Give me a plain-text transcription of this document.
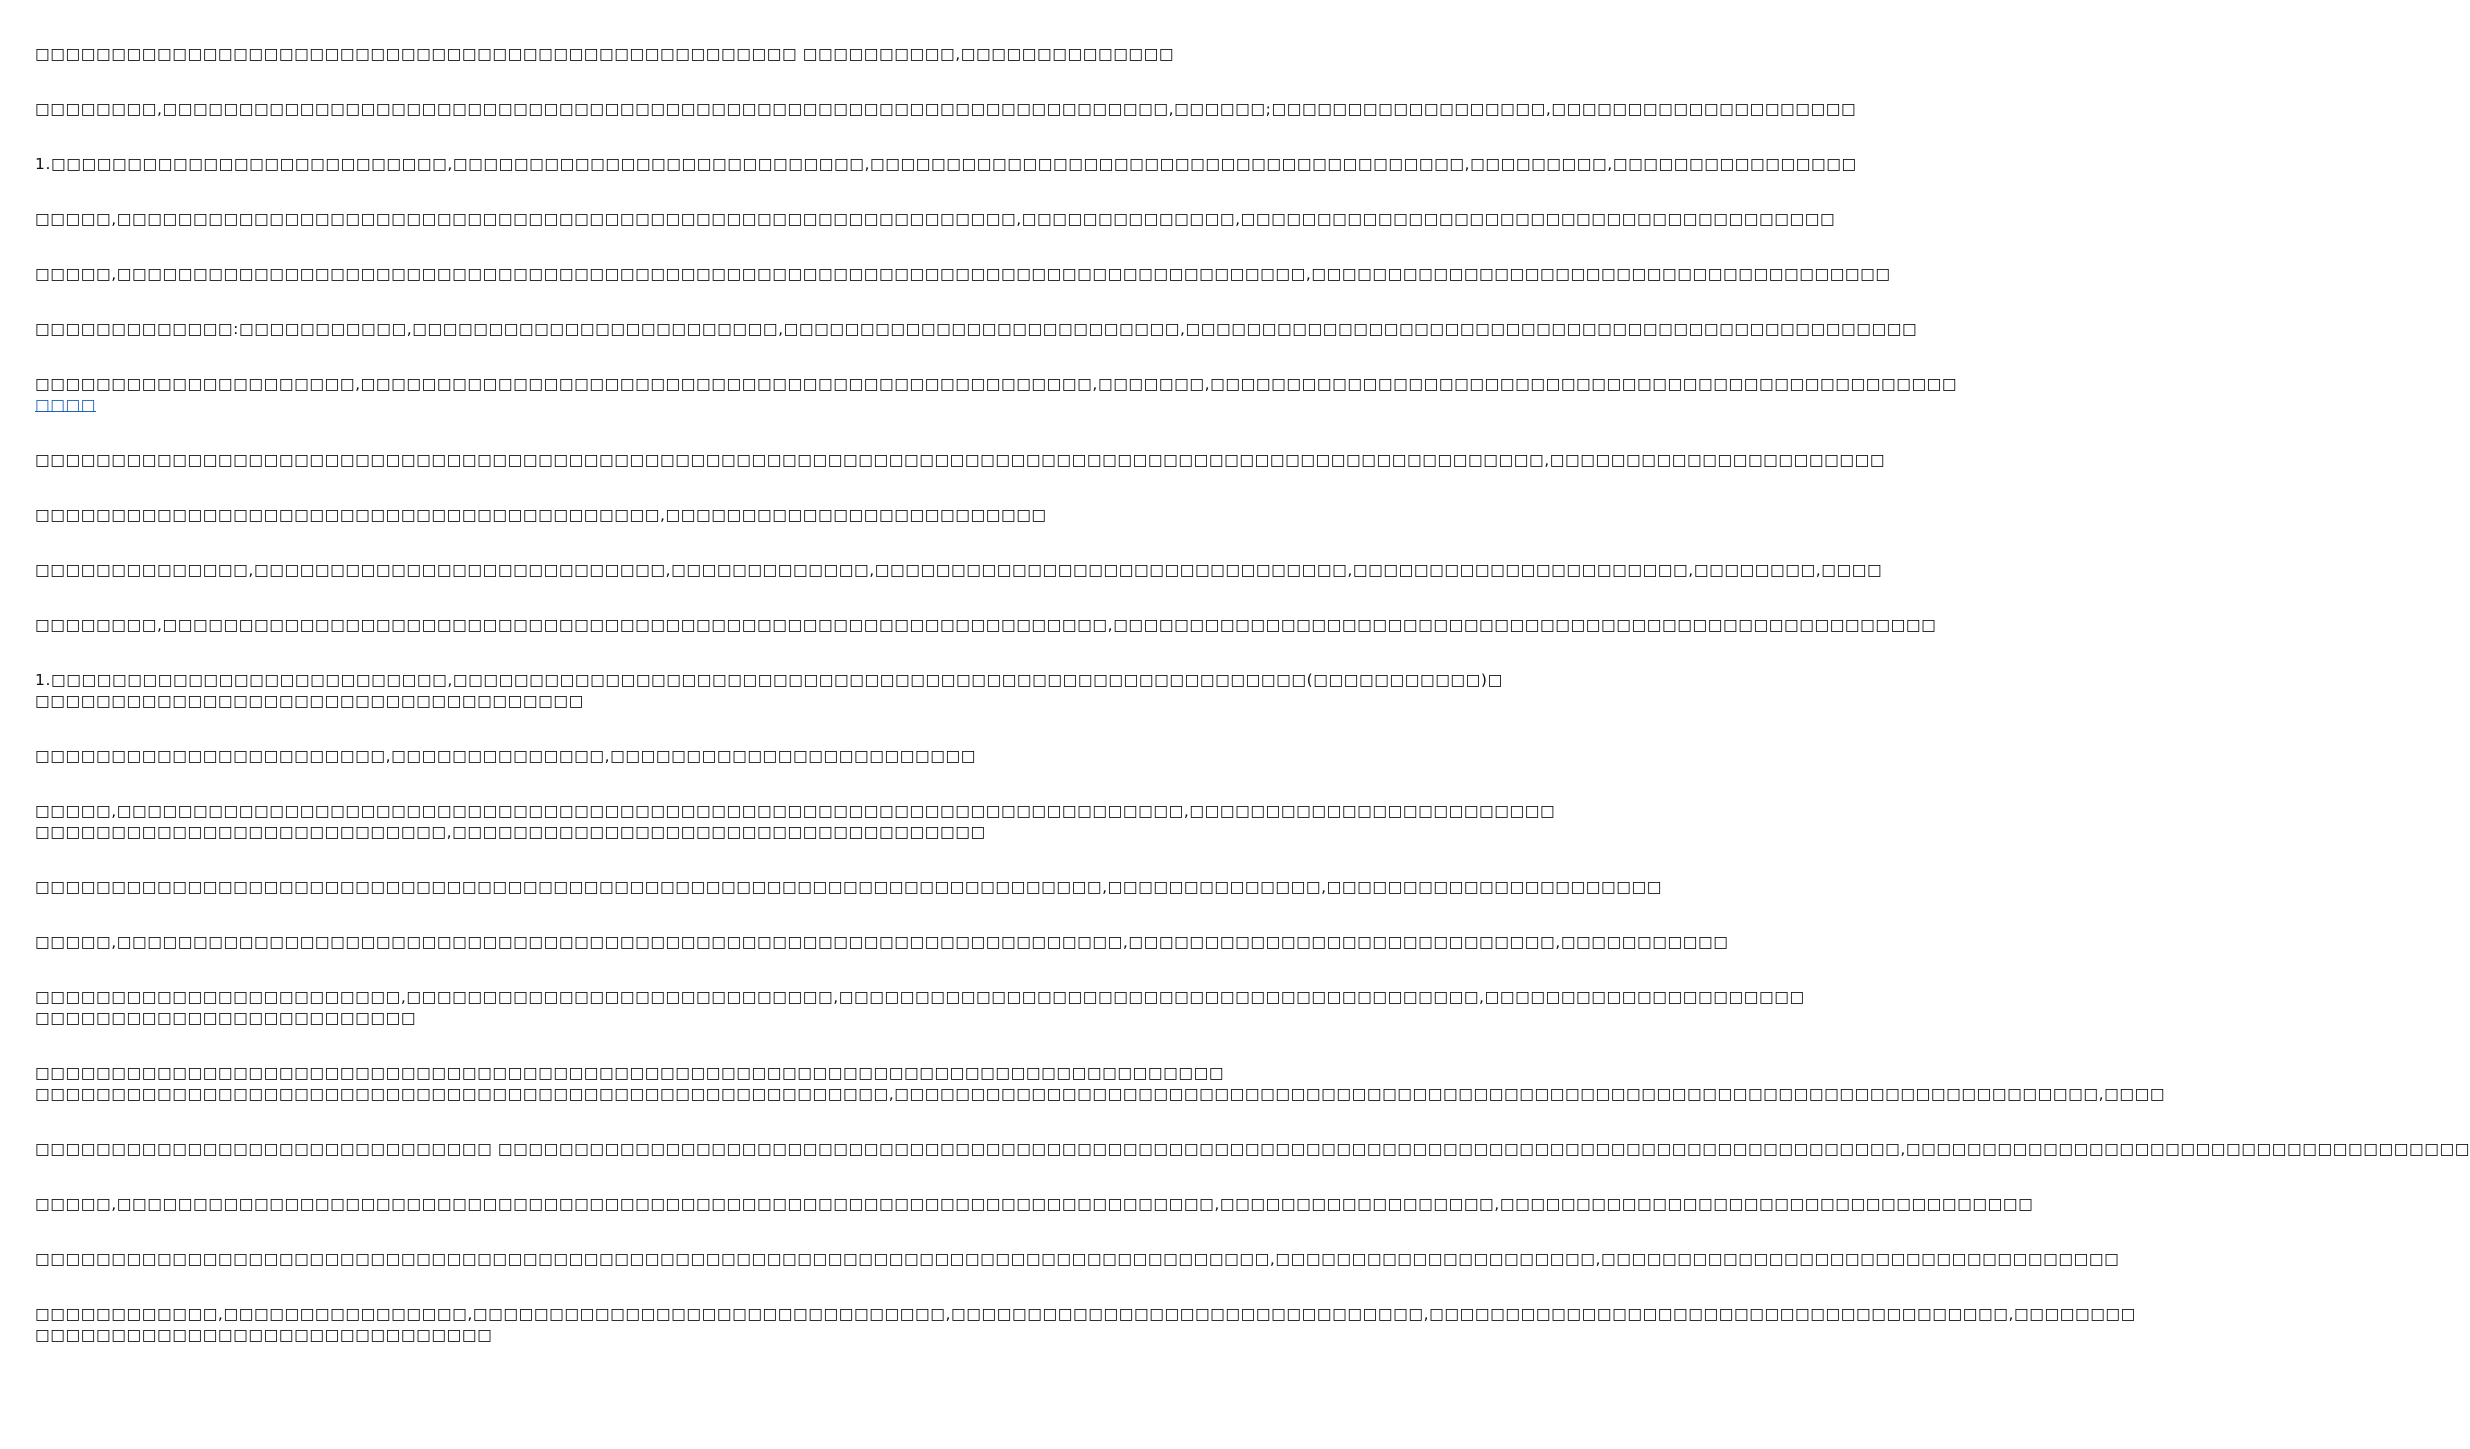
□□□□□□□□□□□□□□□□□□□□□□□□□□□□□□□□□□□□□□□□□□□□□□□□□□ □□□□□□□□□□,□□□□□□□□□□□□□□
□□□□□□□□,□□□□□□□□□□□□□□□□□□□□□□□□□□□□□□□□□□□□□□□□□□□□□□□□□□□□□□□□□□□□□□□□□□,□□□□□□;□□□□□□□□□□□□□□□□□□,□□□□□□□□□□□□□□□□□□□□
1.□□□□□□□□□□□□□□□□□□□□□□□□□□,□□□□□□□□□□□□□□□□□□□□□□□□□□□,□□□□□□□□□□□□□□□□□□□□□□□□□□□□□□□□□□□□□□□,□□□□□□□□□,□□□□□□□□□□□□□□□□
□□□□□,□□□□□□□□□□□□□□□□□□□□□□□□□□□□□□□□□□□□□□□□□□□□□□□□□□□□□□□□□□□,□□□□□□□□□□□□□□,□□□□□□□□□□□□□□□□□□□□□□□□□□□□□□□□□□□□□□□
□□□□□,□□□□□□□□□□□□□□□□□□□□□□□□□□□□□□□□□□□□□□□□□□□□□□□□□□□□□□□□□□□□□□□□□□□□□□□□□□□□□□,□□□□□□□□□□□□□□□□□□□□□□□□□□□□□□□□□□□□□□
□□□□□□□□□□□□□:□□□□□□□□□□□,□□□□□□□□□□□□□□□□□□□□□□□□,□□□□□□□□□□□□□□□□□□□□□□□□□□,□□□□□□□□□□□□□□□□□□□□□□□□□□□□□□□□□□□□□□□□□□□□□□□□
□□□□□□□□□□□□□□□□□□□□□,□□□□□□□□□□□□□□□□□□□□□□□□□□□□□□□□□□□□□□□□□□□□□□□□,□□□□□□□,□□□□□□□□□□□□□□□□□□□□□□□□□□□□□□□□□□□□□□□□□□□□□□□□□
□□□□
□□□□□□□□□□□□□□□□□□□□□□□□□□□□□□□□□□□□□□□□□□□□□□□□□□□□□□□□□□□□□□□□□□□□□□□□□□□□□□□□□□□□□□□□□□□□□□□□□□□,□□□□□□□□□□□□□□□□□□□□□□
□□□□□□□□□□□□□□□□□□□□□□□□□□□□□□□□□□□□□□□□□,□□□□□□□□□□□□□□□□□□□□□□□□□
□□□□□□□□□□□□□□,□□□□□□□□□□□□□□□□□□□□□□□□□□□,□□□□□□□□□□□□□,□□□□□□□□□□□□□□□□□□□□□□□□□□□□□□□,□□□□□□□□□□□□□□□□□□□□□□,□□□□□□□□,□□□□
□□□□□□□□,□□□□□□□□□□□□□□□□□□□□□□□□□□□□□□□□□□□□□□□□□□□□□□□□□□□□□□□□□□□□□□,□□□□□□□□□□□□□□□□□□□□□□□□□□□□□□□□□□□□□□□□□□□□□□□□□□□□□□
1.□□□□□□□□□□□□□□□□□□□□□□□□□□,□□□□□□□□□□□□□□□□□□□□□□□□□□□□□□□□□□□□□□□□□□□□□□□□□□□□□□□□(□□□□□□□□□□□)□
□□□□□□□□□□□□□□□□□□□□□□□□□□□□□□□□□□□□
□□□□□□□□□□□□□□□□□□□□□□□,□□□□□□□□□□□□□□,□□□□□□□□□□□□□□□□□□□□□□□□
□□□□□,□□□□□□□□□□□□□□□□□□□□□□□□□□□□□□□□□□□□□□□□□□□□□□□□□□□□□□□□□□□□□□□□□□□□□□,□□□□□□□□□□□□□□□□□□□□□□□□
□□□□□□□□□□□□□□□□□□□□□□□□□□□,□□□□□□□□□□□□□□□□□□□□□□□□□□□□□□□□□□□
□□□□□□□□□□□□□□□□□□□□□□□□□□□□□□□□□□□□□□□□□□□□□□□□□□□□□□□□□□□□□□□□□□□□□□,□□□□□□□□□□□□□□,□□□□□□□□□□□□□□□□□□□□□□
□□□□□,□□□□□□□□□□□□□□□□□□□□□□□□□□□□□□□□□□□□□□□□□□□□□□□□□□□□□□□□□□□□□□□□□□,□□□□□□□□□□□□□□□□□□□□□□□□□□□□,□□□□□□□□□□□
□□□□□□□□□□□□□□□□□□□□□□□□,□□□□□□□□□□□□□□□□□□□□□□□□□□□□,□□□□□□□□□□□□□□□□□□□□□□□□□□□□□□□□□□□□□□□□□□,□□□□□□□□□□□□□□□□□□□□□
□□□□□□□□□□□□□□□□□□□□□□□□□
□□□□□□□□□□□□□□□□□□□□□□□□□□□□□□□□□□□□□□□□□□□□□□□□□□□□□□□□□□□□□□□□□□□□□□□□□□□□□□
□□□□□□□□□□□□□□□□□□□□□□□□□□□□□□□□□□□□□□□□□□□□□□□□□□□□□□□□,□□□□□□□□□□□□□□□□□□□□□□□□□□□□□□□□□□□□□□□□□□□□□□□□□□□□□□□□□□□□□□□□□□□□□□□□□□□□□□□,□□□□
□□□□□□□□□□□□□□□□□□□□□□□□□□□□□□ □□□□□□□□□□□□□□□□□□□□□□□□□□□□□□□□□□□□□□□□□□□□□□□□□□□□□□□□□□□□□□□□□□□□□□□□□□□□□□□□□□□□□□□□□□□□,□□□□□□□□□□□□□□□□□□□□□□□□□□□□□□□□□□□□□
□□□□□,□□□□□□□□□□□□□□□□□□□□□□□□□□□□□□□□□□□□□□□□□□□□□□□□□□□□□□□□□□□□□□□□□□□□□□□□,□□□□□□□□□□□□□□□□□□,□□□□□□□□□□□□□□□□□□□□□□□□□□□□□□□□□□□
□□□□□□□□□□□□□□□□□□□□□□□□□□□□□□□□□□□□□□□□□□□□□□□□□□□□□□□□□□□□□□□□□□□□□□□□□□□□□□□□□,□□□□□□□□□□□□□□□□□□□□□,□□□□□□□□□□□□□□□□□□□□□□□□□□□□□□□□□□
□□□□□□□□□□□□,□□□□□□□□□□□□□□□□,□□□□□□□□□□□□□□□□□□□□□□□□□□□□□□□,□□□□□□□□□□□□□□□□□□□□□□□□□□□□□□□,□□□□□□□□□□□□□□□□□□□□□□□□□□□□□□□□□□□□□□,□□□□□□□□
□□□□□□□□□□□□□□□□□□□□□□□□□□□□□□
